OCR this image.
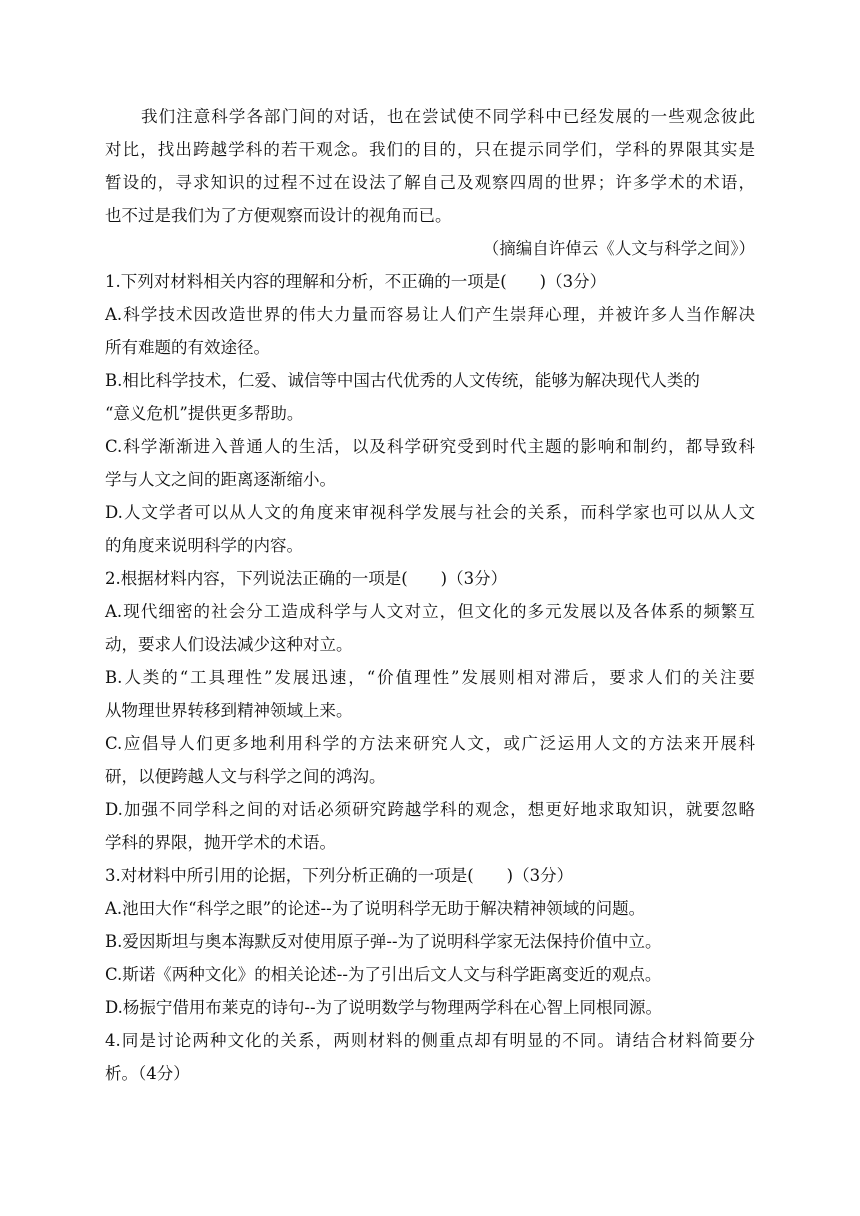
我们注意科学各部门间的对话，也在尝试使不同学科中已经发展的一些观念彼此
对比，找出跨越学科的若干观念。我们的目的，只在提示同学们，学科的界限其实是
暂设的，寻求知识的过程不过在设法了解自己及观察四周的世界；许多学术的术语，
也不过是我们为了方便观察而设计的视角而已。
（摘编自许倬云《人文与科学之间》）
1.下列对材料相关内容的理解和分析，不正确的一项是(　　)（3分）
A.科学技术因改造世界的伟大力量而容易让人们产生崇拜心理，并被许多人当作解决
所有难题的有效途径。
B.相比科学技术，仁爱、诚信等中国古代优秀的人文传统，能够为解决现代人类的
“意义危机”提供更多帮助。
C.科学渐渐进入普通人的生活，以及科学研究受到时代主题的影响和制约，都导致科
学与人文之间的距离逐渐缩小。
D.人文学者可以从人文的角度来审视科学发展与社会的关系，而科学家也可以从人文
的角度来说明科学的内容。
2.根据材料内容，下列说法正确的一项是(　　)（3分）
A.现代细密的社会分工造成科学与人文对立，但文化的多元发展以及各体系的频繁互
动，要求人们设法减少这种对立。
B.人类的“工具理性”发展迅速，“价值理性”发展则相对滞后，要求人们的关注要
从物理世界转移到精神领域上来。
C.应倡导人们更多地利用科学的方法来研究人文，或广泛运用人文的方法来开展科
研，以便跨越人文与科学之间的鸿沟。
D.加强不同学科之间的对话必须研究跨越学科的观念，想更好地求取知识，就要忽略
学科的界限，抛开学术的术语。
3.对材料中所引用的论据，下列分析正确的一项是(　　)（3分）
A.池田大作“科学之眼”的论述--为了说明科学无助于解决精神领域的问题。
B.爱因斯坦与奥本海默反对使用原子弹--为了说明科学家无法保持价值中立。
C.斯诺《两种文化》的相关论述--为了引出后文人文与科学距离变近的观点。
D.杨振宁借用布莱克的诗句--为了说明数学与物理两学科在心智上同根同源。
4.同是讨论两种文化的关系，两则材料的侧重点却有明显的不同。请结合材料简要分
析。（4分）
